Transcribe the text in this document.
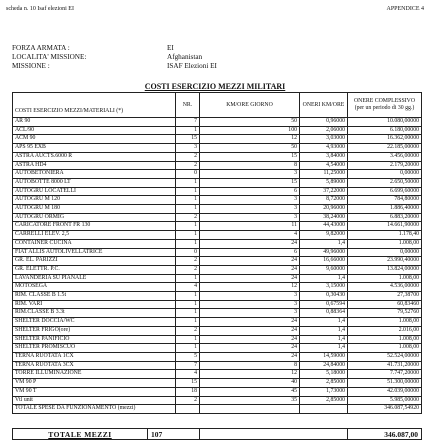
scheda n. 10 Isaf elezioni EI	APPENDICE 4
FORZA ARMATA :	EI
LOCALITA' MISSIONE:	Afghanistan
MISSIONE :	ISAF Elezioni EI
COSTI ESERCIZIO MEZZI MILITARI
COSTI ESERCIZIO MEZZI/MATERIALI (*)	NR.	KM/ORE GIORNO	ONERI KM/ORE	ONERE COMPLESSIVO (per un periodo di 30 gg.)
AR 90	7	50	0,96000	10.080,00000
ACL/90	1	100	2,06000	6.180,00000
ACM 90	15	12	3,03000	16.362,00000
APS 95 EXB	3	50	4,93000	22.185,00000
ASTRA AUCTS.6000 R	2	15	3,84000	3.456,00000
ASTRA HD4	2	8	4,54000	2.179,20000
AUTOBETONIERA	0	3	11,25000	0,00000
AUTOBOTTE 8000 LT	1	15	5,89000	2.650,50000
AUTOGRU LOCATELLI	1	6	37,22000	6.699,60000
AUTOGRU M 120	1	3	8,72000	784,80000
AUTOGRU M 180	1	3	20,96000	1.886,40000
AUTOGRU ORMIG	2	3	38,24000	6.883,20000
CARICATORE FRONT FR 130	1	11	44,43000	14.661,90000
CARRELLI ELEV. 2,5	1	4	9,82000	1.178,40
CONTAINER CUCINA	1	24	1,4	1.008,00
FIAT ALLIS AUTOLIVELLATRICE	0	6	49,96000	0,00000
GR. EL. PARIZZI	2	24	16,66000	23.990,40000
GR. ELETTR. P.C.	2	24	9,60000	13.824,00000
LAVANDERIA SU PIANALE	1	24	1,4	1.008,00
MOTOSEGA	4	12	3,15000	4.536,00000
RIM. CLASSE B 1.5t	1	3	0,30430	27,38700
RIM. VARI	1	3	0,67594	60,83460
RIM.CLASSE B 3.3t	1	3	0,88364	79,52760
SHELTER DOCCIA/WC	1	24	1,4	1.008,00
SHELTER FRIGO(ore)	2	24	1,4	2.016,00
SHELTER PANIFICIO	1	24	1,4	1.008,00
SHELTER PROMISCUO	1	24	1,4	1.008,00
TERNA RUOTATA 1CX	5	24	14,59000	52.524,00000
TERNA RUOTATA 3CX	7	8	24,84000	41.731,20000
TORRE ILLUMINAZIONE	4	12	5,18000	7.747,20000
VM 90 P	15	40	2,85000	51.300,00000
VM 90 T	18	45	1,73000	42.039,00000
Vtl unit	2	35	2,85000	5.985,00000
TOTALE SPESE DA FUNZIONAMENTO (mezzi)				346.087,54920
TOTALE MEZZI	107		346.087,00
